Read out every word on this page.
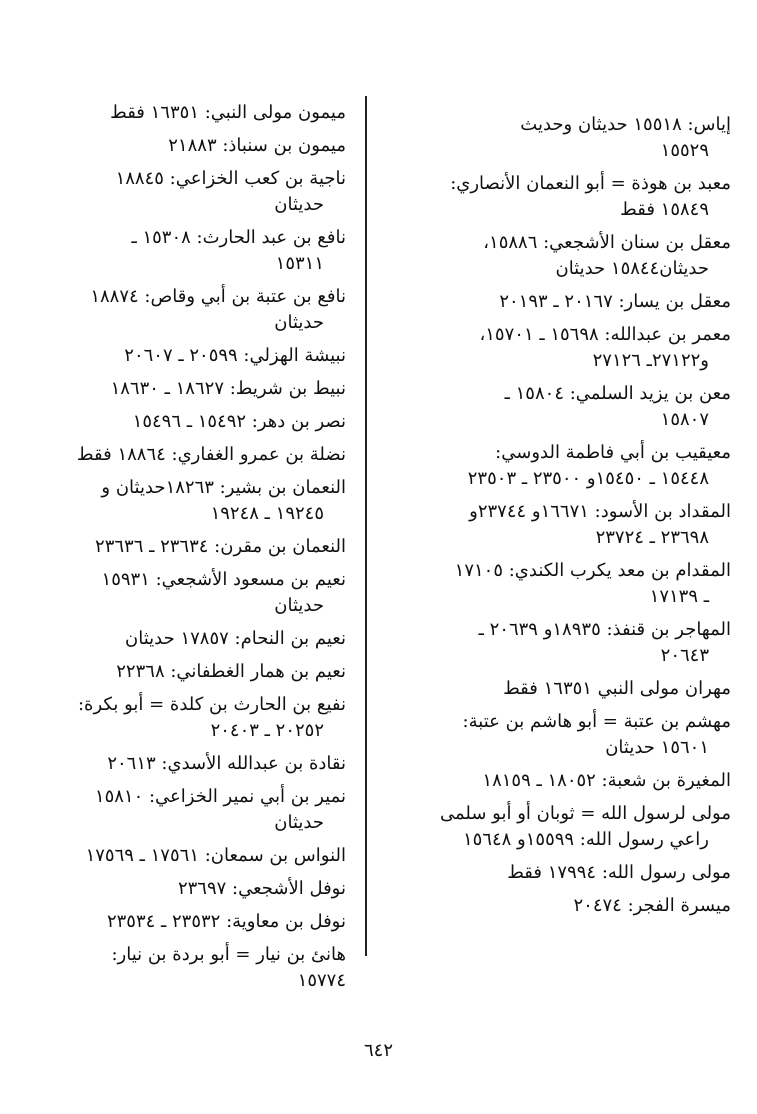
إياس: ١٥٥١٨ حديثان وحديث
١٥٥٢٩
معبد بن هوذة = أبو النعمان الأنصاري:
١٥٨٤٩ فقط
معقل بن سنان الأشجعي: ١٥٨٨٦،
حديثان١٥٨٤٤ حديثان
معقل بن يسار: ٢٠١٦٧ ـ ٢٠١٩٣
معمر بن عبدالله: ١٥٦٩٨ ـ ١٥٧٠١،
و٢٧١٢٢ـ ٢٧١٢٦
معن بن يزيد السلمي: ١٥٨٠٤ ـ
١٥٨٠٧
معيقيب بن أبي فاطمة الدوسي:
١٥٤٤٨ ـ ١٥٤٥٠و ٢٣٥٠٠ ـ ٢٣٥٠٣
المقداد بن الأسود: ١٦٦٧١و ٢٣٧٤٤و
٢٣٦٩٨ ـ ٢٣٧٢٤
المقدام بن معد يكرب الكندي: ١٧١٠٥
ـ ١٧١٣٩
المهاجر بن قنفذ: ١٨٩٣٥و ٢٠٦٣٩ ـ
٢٠٦٤٣
مهران مولى النبي ١٦٣٥١ فقط
مهشم بن عتبة = أبو هاشم بن عتبة:
١٥٦٠١ حديثان
المغيرة بن شعبة: ١٨٠٥٢ ـ ١٨١٥٩
مولى لرسول الله = ثوبان أو أبو سلمى
راعي رسول الله: ١٥٥٩٩و ١٥٦٤٨
مولى رسول الله: ١٧٩٩٤ فقط
ميسرة الفجر: ٢٠٤٧٤
ميمون مولى النبي: ١٦٣٥١ فقط
ميمون بن سنباذ: ٢١٨٨٣
ناجية بن كعب الخزاعي: ١٨٨٤٥
حديثان
نافع بن عبد الحارث: ١٥٣٠٨ ـ
١٥٣١١
نافع بن عتبة بن أبي وقاص: ١٨٨٧٤
حديثان
نبيشة الهزلي: ٢٠٥٩٩ ـ ٢٠٦٠٧
نبيط بن شريط: ١٨٦٢٧ ـ ١٨٦٣٠
نصر بن دهر: ١٥٤٩٢ ـ ١٥٤٩٦
نضلة بن عمرو الغفاري: ١٨٨٦٤ فقط
النعمان بن بشير: ١٨٢٦٣حديثان و
١٩٢٤٥ ـ ١٩٢٤٨
النعمان بن مقرن: ٢٣٦٣٤ ـ ٢٣٦٣٦
نعيم بن مسعود الأشجعي: ١٥٩٣١
حديثان
نعيم بن النحام: ١٧٨٥٧ حديثان
نعيم بن همار الغطفاني: ٢٢٣٦٨
نفيع بن الحارث بن كلدة = أبو بكرة:
٢٠٢٥٢ ـ ٢٠٤٠٣
نقادة بن عبدالله الأسدي: ٢٠٦١٣
نمير بن أبي نمير الخزاعي: ١٥٨١٠
حديثان
النواس بن سمعان: ١٧٥٦١ ـ ١٧٥٦٩
نوفل الأشجعي: ٢٣٦٩٧
نوفل بن معاوية: ٢٣٥٣٢ ـ ٢٣٥٣٤
هانئ بن نيار = أبو بردة بن نيار: ١٥٧٧٤
٦٤٢
